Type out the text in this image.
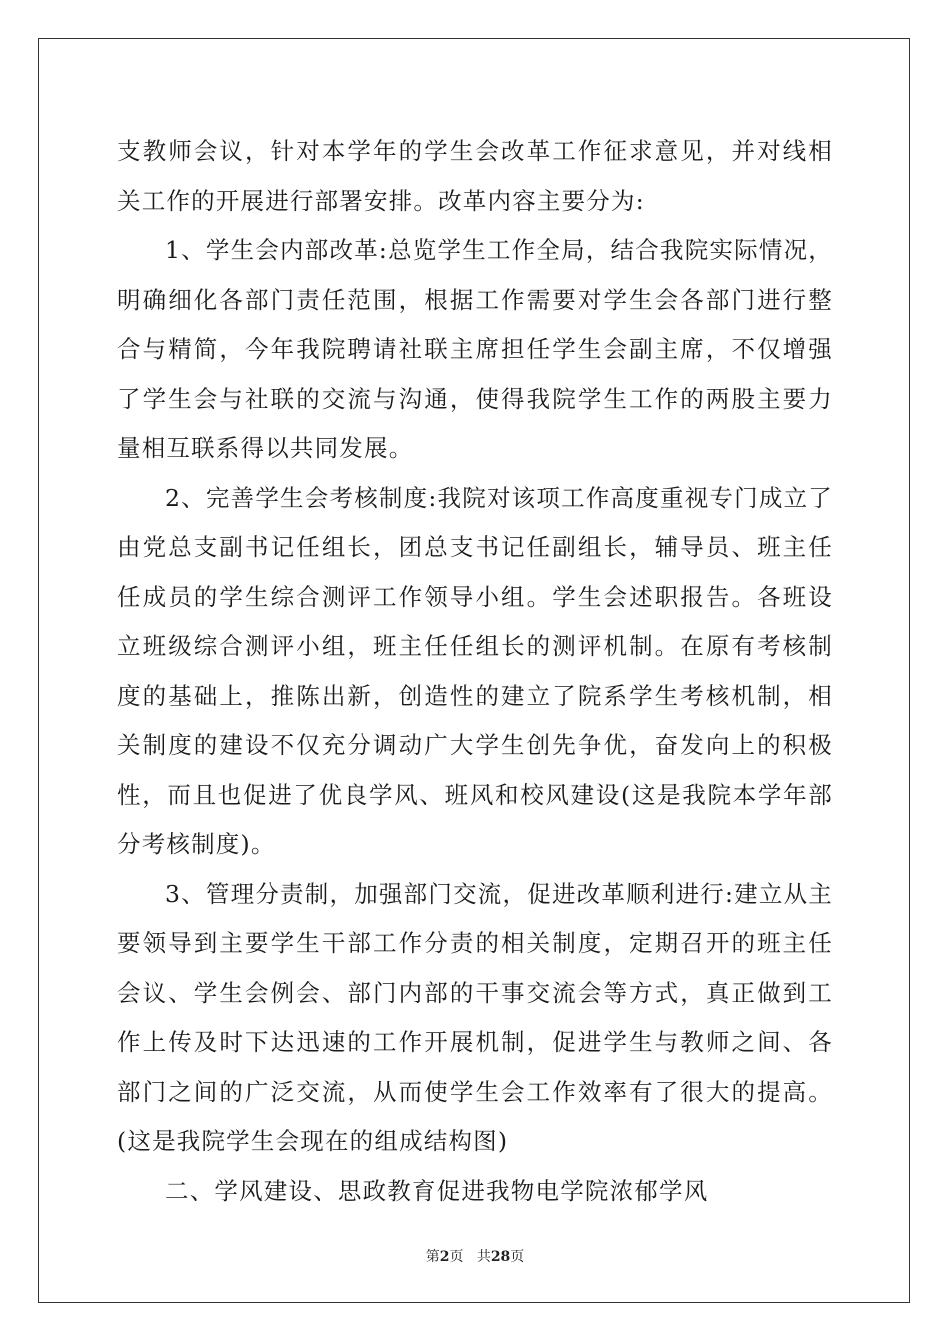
支教师会议，针对本学年的学生会改革工作征求意见，并对线相关工作的开展进行部署安排。改革内容主要分为:

1、学生会内部改革:总览学生工作全局，结合我院实际情况，明确细化各部门责任范围，根据工作需要对学生会各部门进行整合与精简，今年我院聘请社联主席担任学生会副主席，不仅增强了学生会与社联的交流与沟通，使得我院学生工作的两股主要力量相互联系得以共同发展。

2、完善学生会考核制度:我院对该项工作高度重视专门成立了由党总支副书记任组长，团总支书记任副组长，辅导员、班主任任成员的学生综合测评工作领导小组。学生会述职报告。各班设立班级综合测评小组，班主任任组长的测评机制。在原有考核制度的基础上，推陈出新，创造性的建立了院系学生考核机制，相关制度的建设不仅充分调动广大学生创先争优，奋发向上的积极性，而且也促进了优良学风、班风和校风建设(这是我院本学年部分考核制度)。

3、管理分责制，加强部门交流，促进改革顺利进行:建立从主要领导到主要学生干部工作分责的相关制度，定期召开的班主任会议、学生会例会、部门内部的干事交流会等方式，真正做到工作上传及时下达迅速的工作开展机制，促进学生与教师之间、各部门之间的广泛交流，从而使学生会工作效率有了很大的提高。(这是我院学生会现在的组成结构图)

二、学风建设、思政教育促进我物电学院浓郁学风

第2页 共28页
